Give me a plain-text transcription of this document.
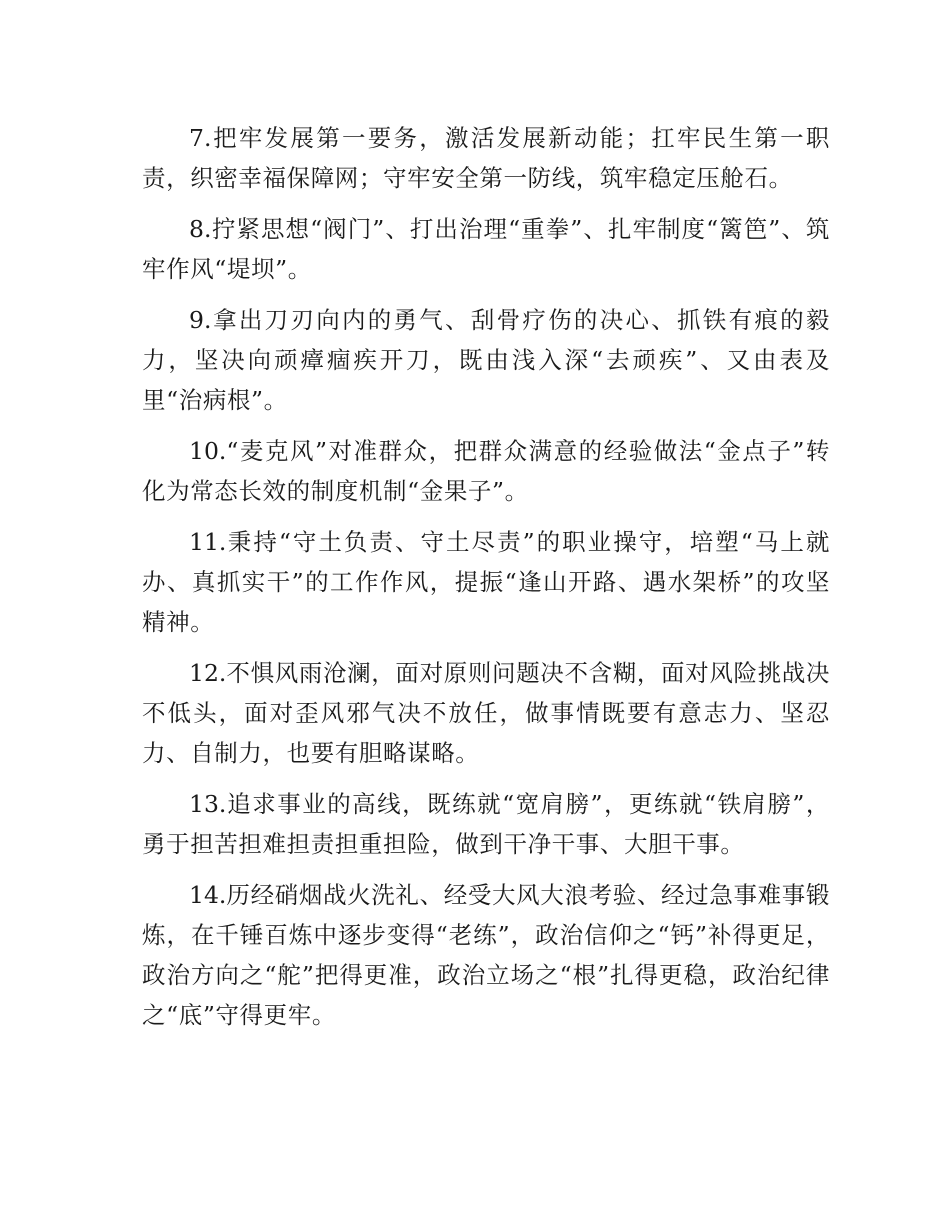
7.把牢发展第一要务，激活发展新动能；扛牢民生第一职责，织密幸福保障网；守牢安全第一防线，筑牢稳定压舱石。

8.拧紧思想“阀门”、打出治理“重拳”、扎牢制度“篱笆”、筑牢作风“堤坝”。

9.拿出刀刃向内的勇气、刮骨疗伤的决心、抓铁有痕的毅力，坚决向顽瘴痼疾开刀，既由浅入深“去顽疾”、又由表及里“治病根”。

10.“麦克风”对准群众，把群众满意的经验做法“金点子”转化为常态长效的制度机制“金果子”。

11.秉持“守土负责、守土尽责”的职业操守，培塑“马上就办、真抓实干”的工作作风，提振“逢山开路、遇水架桥”的攻坚精神。

12.不惧风雨沧澜，面对原则问题决不含糊，面对风险挑战决不低头，面对歪风邪气决不放任，做事情既要有意志力、坚忍力、自制力，也要有胆略谋略。

13.追求事业的高线，既练就“宽肩膀”，更练就“铁肩膀”，勇于担苦担难担责担重担险，做到干净干事、大胆干事。

14.历经硝烟战火洗礼、经受大风大浪考验、经过急事难事锻炼，在千锤百炼中逐步变得“老练”，政治信仰之“钙”补得更足，政治方向之“舵”把得更准，政治立场之“根”扎得更稳，政治纪律之“底”守得更牢。
